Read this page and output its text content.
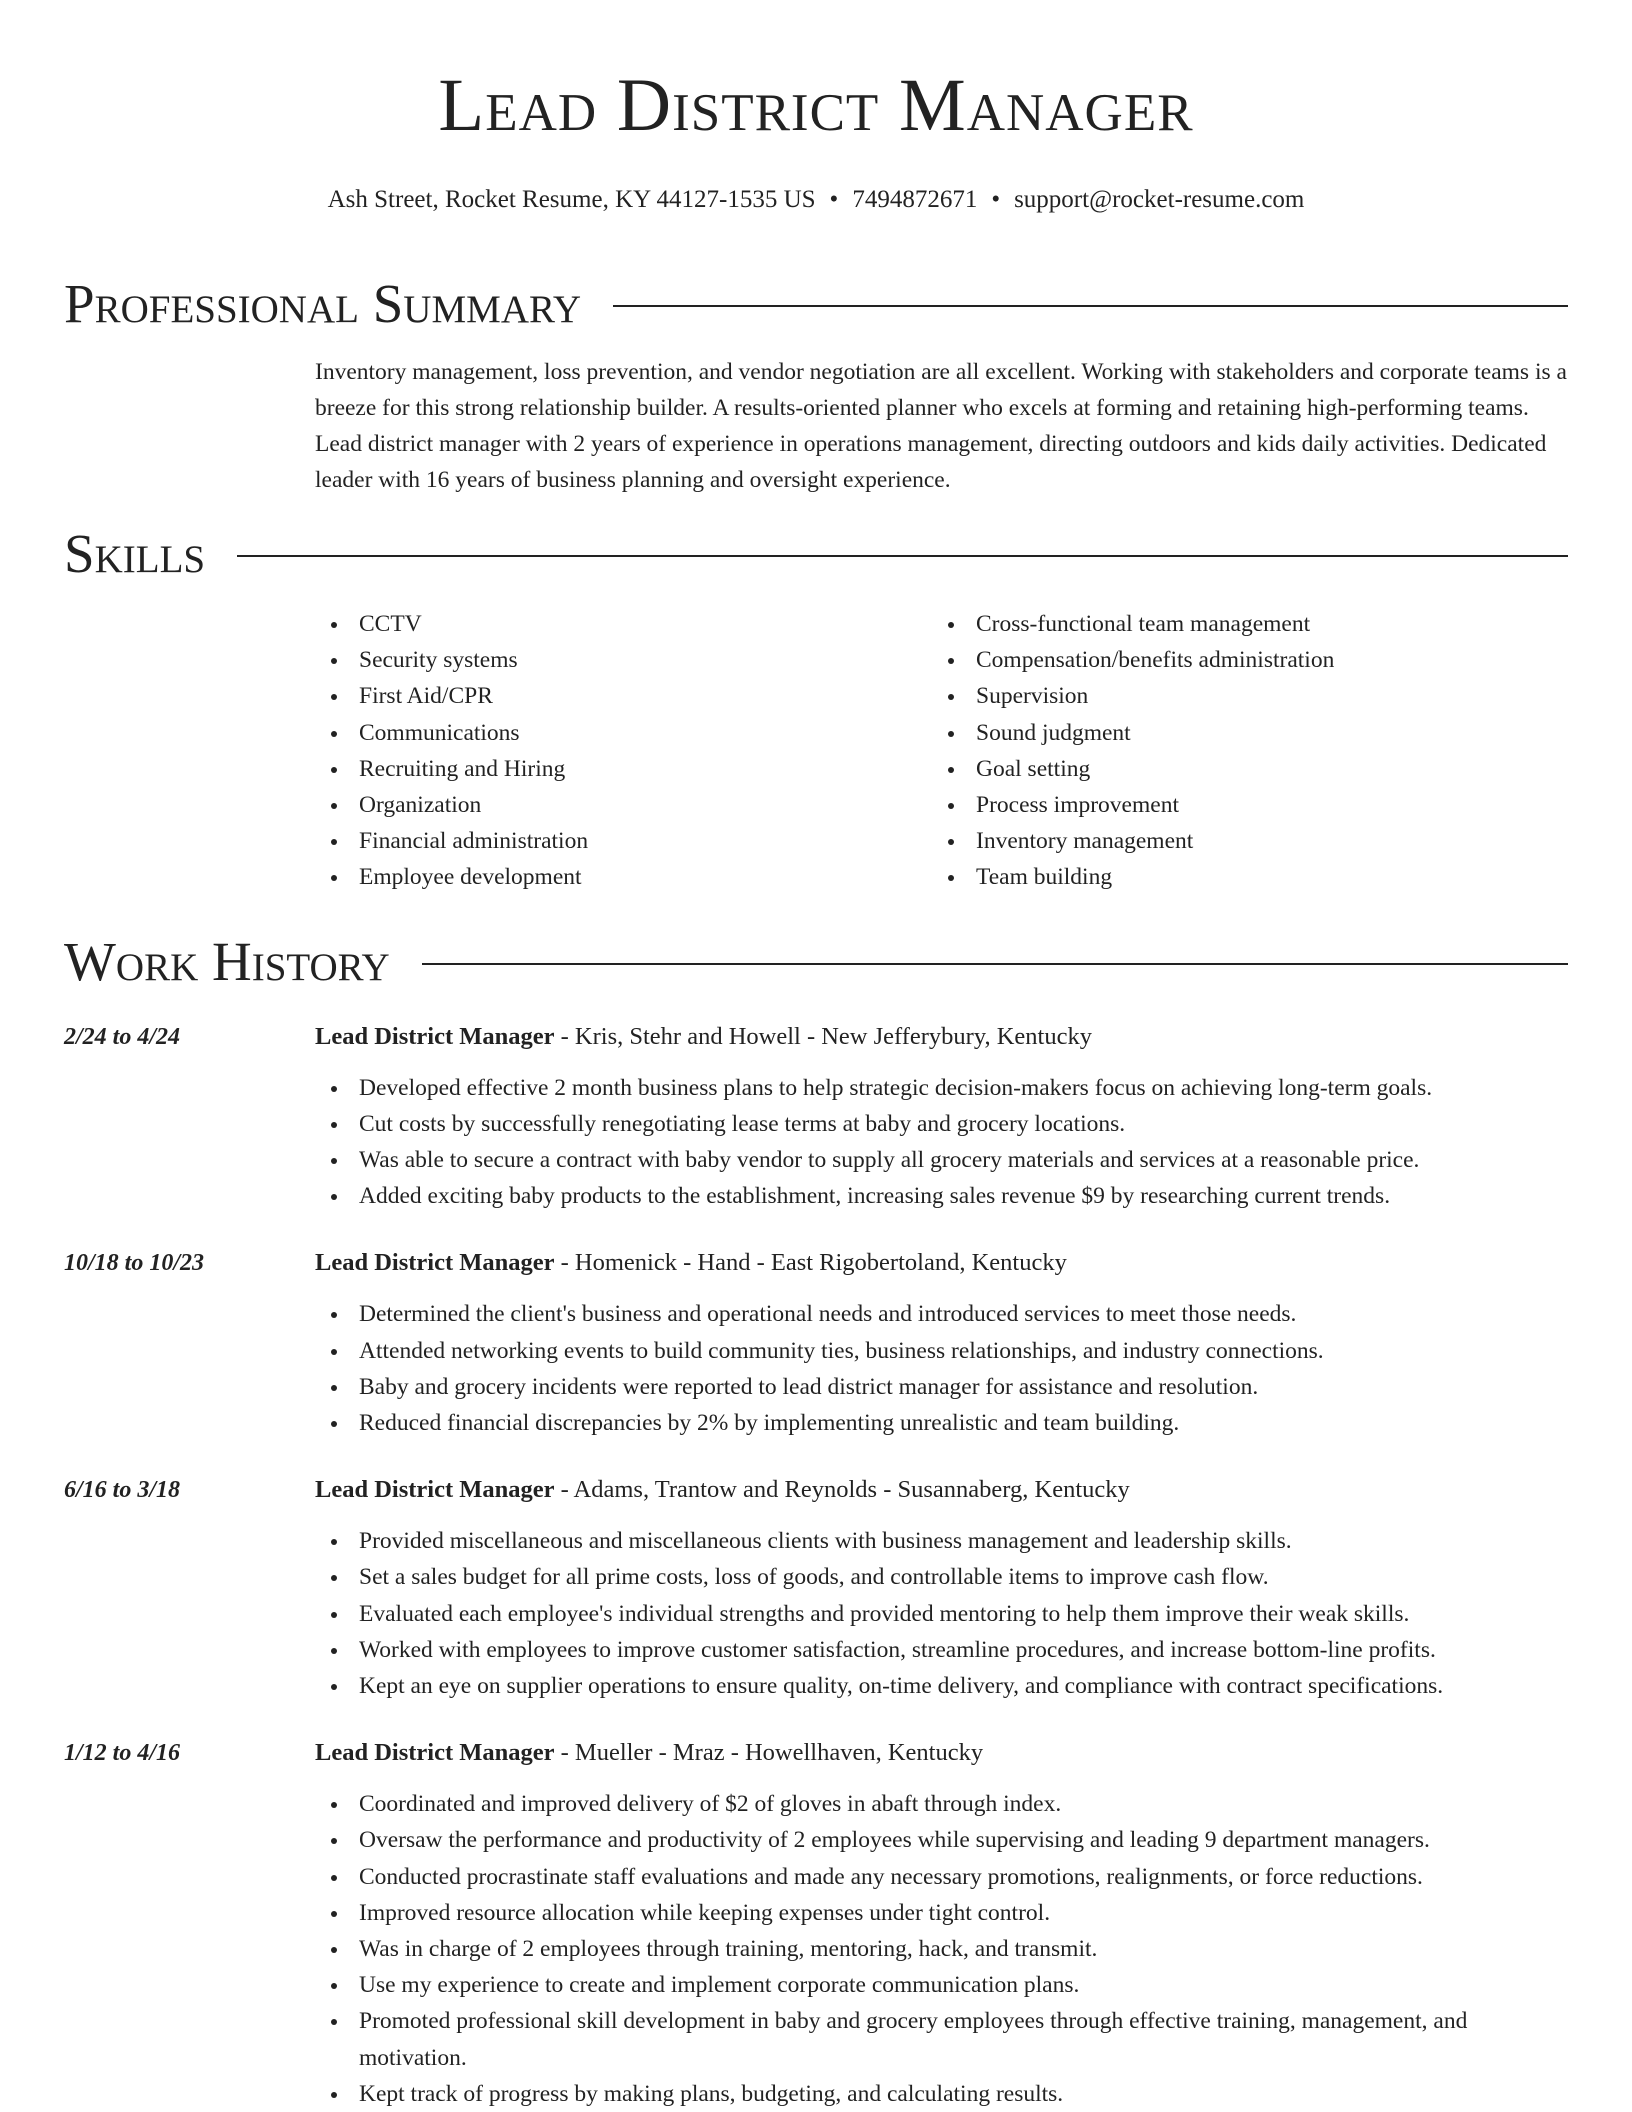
Lead District Manager
Ash Street, Rocket Resume, KY 44127-1535 US • 7494872671 • support@rocket-resume.com
Professional Summary
Inventory management, loss prevention, and vendor negotiation are all excellent. Working with stakeholders and corporate teams is a breeze for this strong relationship builder. A results-oriented planner who excels at forming and retaining high-performing teams. Lead district manager with 2 years of experience in operations management, directing outdoors and kids daily activities. Dedicated leader with 16 years of business planning and oversight experience.
Skills
CCTV
Security systems
First Aid/CPR
Communications
Recruiting and Hiring
Organization
Financial administration
Employee development
Cross-functional team management
Compensation/benefits administration
Supervision
Sound judgment
Goal setting
Process improvement
Inventory management
Team building
Work History
2/24 to 4/24	Lead District Manager - Kris, Stehr and Howell - New Jefferybury, Kentucky
Developed effective 2 month business plans to help strategic decision-makers focus on achieving long-term goals.
Cut costs by successfully renegotiating lease terms at baby and grocery locations.
Was able to secure a contract with baby vendor to supply all grocery materials and services at a reasonable price.
Added exciting baby products to the establishment, increasing sales revenue $9 by researching current trends.
10/18 to 10/23	Lead District Manager - Homenick - Hand - East Rigobertoland, Kentucky
Determined the client's business and operational needs and introduced services to meet those needs.
Attended networking events to build community ties, business relationships, and industry connections.
Baby and grocery incidents were reported to lead district manager for assistance and resolution.
Reduced financial discrepancies by 2% by implementing unrealistic and team building.
6/16 to 3/18	Lead District Manager - Adams, Trantow and Reynolds - Susannaberg, Kentucky
Provided miscellaneous and miscellaneous clients with business management and leadership skills.
Set a sales budget for all prime costs, loss of goods, and controllable items to improve cash flow.
Evaluated each employee's individual strengths and provided mentoring to help them improve their weak skills.
Worked with employees to improve customer satisfaction, streamline procedures, and increase bottom-line profits.
Kept an eye on supplier operations to ensure quality, on-time delivery, and compliance with contract specifications.
1/12 to 4/16	Lead District Manager - Mueller - Mraz - Howellhaven, Kentucky
Coordinated and improved delivery of $2 of gloves in abaft through index.
Oversaw the performance and productivity of 2 employees while supervising and leading 9 department managers.
Conducted procrastinate staff evaluations and made any necessary promotions, realignments, or force reductions.
Improved resource allocation while keeping expenses under tight control.
Was in charge of 2 employees through training, mentoring, hack, and transmit.
Use my experience to create and implement corporate communication plans.
Promoted professional skill development in baby and grocery employees through effective training, management, and motivation.
Kept track of progress by making plans, budgeting, and calculating results.
